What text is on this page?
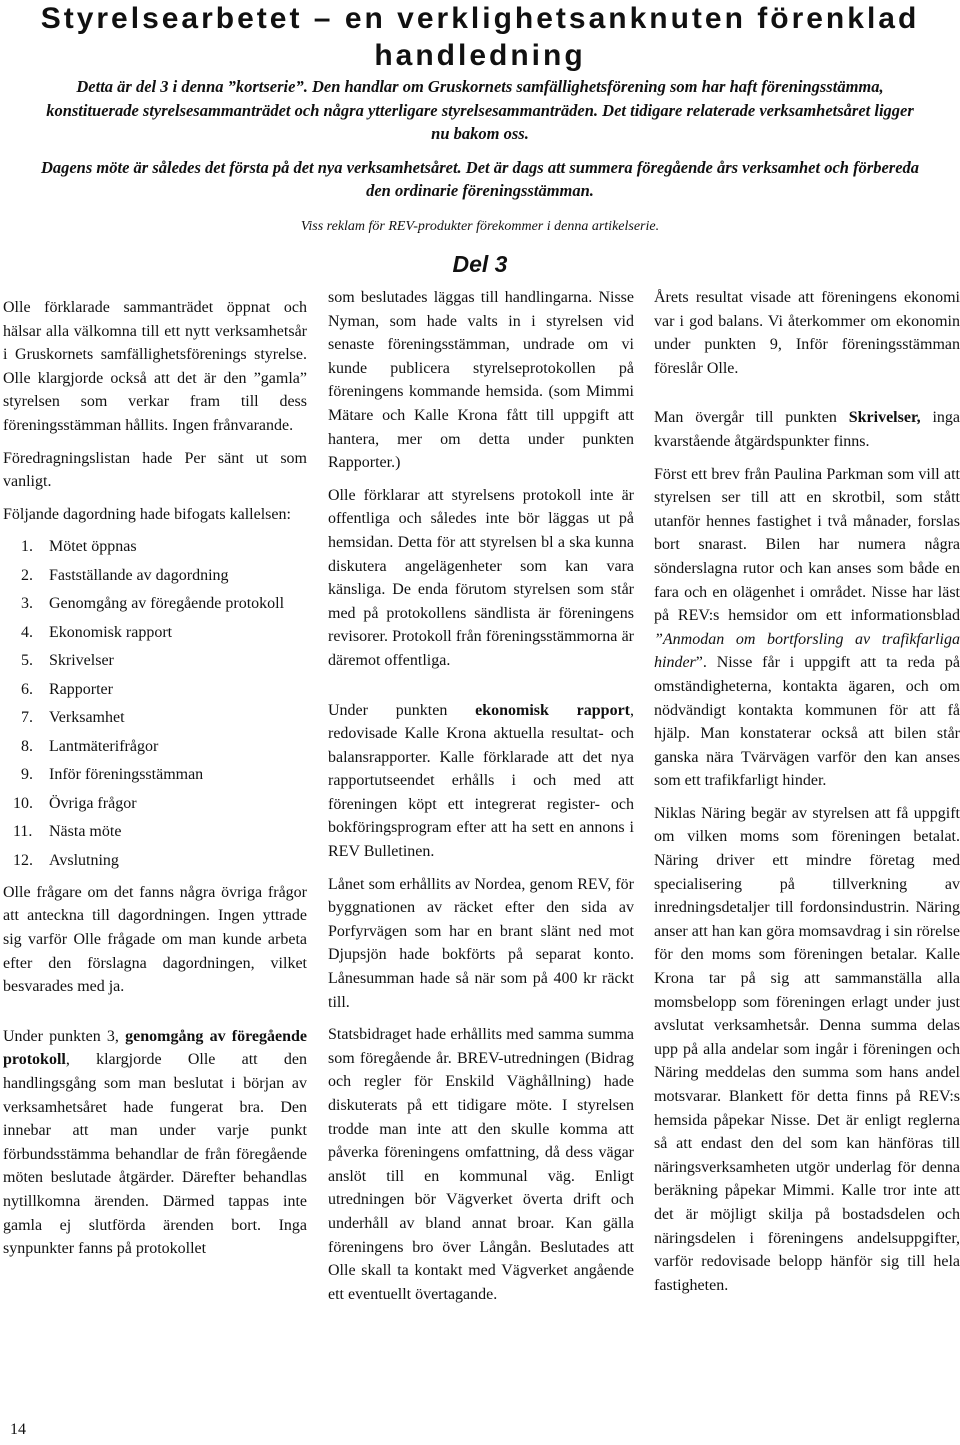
Styrelsearbetet – en verklighetsanknuten förenklad handledning

Detta är del 3 i denna ”kortserie”. Den handlar om Gruskornets samfällighetsförening som har haft föreningsstämma, konstituerade styrelsesammanträdet och några ytterligare styrelsesammanträden. Det tidigare relaterade verksamhetsåret ligger nu bakom oss.

Dagens möte är således det första på det nya verksamhetsåret. Det är dags att summera föregående års verksamhet och förbereda den ordinarie föreningsstämman.

Viss reklam för REV-produkter förekommer i denna artikelserie.
Del 3

Olle förklarade sammanträdet öppnat och hälsar alla välkomna till ett nytt verksamhetsår i Gruskornets samfällighetsförenings styrelse. Olle klargjorde också att det är den ”gamla” styrelsen som verkar fram till dess föreningsstämman hållits. Ingen frånvarande.

Föredragningslistan hade Per sänt ut som vanligt.

Följande dagordning hade bifogats kallelsen:

1. Mötet öppnas
2. Fastställande av dagordning
3. Genomgång av föregående protokoll
4. Ekonomisk rapport
5. Skrivelser
6. Rapporter
7. Verksamhet
8. Lantmäterifrågor
9. Inför föreningsstämman
10. Övriga frågor
11. Nästa möte
12. Avslutning

Olle frågare om det fanns några övriga frågor att anteckna till dagordningen. Ingen yttrade sig varför Olle frågade om man kunde arbeta efter den förslagna dagordningen, vilket besvarades med ja.

Under punkten 3, genomgång av föregående protokoll, klargjorde Olle att den handlingsgång som man beslutat i början av verksamhetsåret hade fungerat bra. Den innebar att man under varje punkt förbundsstämma behandlar de från föregående möten beslutade åtgärder. Därefter behandlas nytillkomna ärenden. Därmed tappas inte gamla ej slutförda ärenden bort. Inga synpunkter fanns på protokollet

som beslutades läggas till handlingarna. Nisse Nyman, som hade valts in i styrelsen vid senaste föreningsstämman, undrade om vi kunde publicera styrelseprotokollen på föreningens kommande hemsida. (som Mimmi Mätare och Kalle Krona fått till uppgift att hantera, mer om detta under punkten Rapporter.)

Olle förklarar att styrelsens protokoll inte är offentliga och således inte bör läggas ut på hemsidan. Detta för att styrelsen bl a ska kunna diskutera angelägenheter som kan vara känsliga. De enda förutom styrelsen som står med på protokollens sändlista är föreningens revisorer. Protokoll från föreningsstämmorna är däremot offentliga.

Under punkten ekonomisk rapport, redovisade Kalle Krona aktuella resultat- och balansrapporter. Kalle förklarade att det nya rapportutseendet erhålls i och med att föreningen köpt ett integrerat register- och bokföringsprogram efter att ha sett en annons i REV Bulletinen.

Lånet som erhållits av Nordea, genom REV, för byggnationen av räcket efter den sida av Porfyrvägen som har en brant slänt ned mot Djupsjön hade bokförts på separat konto. Lånesumman hade så när som på 400 kr räckt till.

Statsbidraget hade erhållits med samma summa som föregående år. BREV-utredningen (Bidrag och regler för Enskild Väghållning) hade diskuterats på ett tidigare möte. I styrelsen trodde man inte att den skulle komma att påverka föreningens omfattning, då dess vägar anslöt till en kommunal väg. Enligt utredningen bör Vägverket överta drift och underhåll av bland annat broar. Kan gälla föreningens bro över Långån. Beslutades att Olle skall ta kontakt med Vägverket angående ett eventuellt övertagande.

Årets resultat visade att föreningens ekonomi var i god balans. Vi återkommer om ekonomin under punkten 9, Inför föreningsstämman föreslår Olle.

Man övergår till punkten Skrivelser, inga kvarstående åtgärdspunkter finns.

Först ett brev från Paulina Parkman som vill att styrelsen ser till att en skrotbil, som stått utanför hennes fastighet i två månader, forslas bort snarast. Bilen har numera några sönderslagna rutor och kan anses som både en fara och en olägenhet i området. Nisse har läst på REV:s hemsidor om ett informationsblad ”Anmodan om bortforsling av trafikfarliga hinder”. Nisse får i uppgift att ta reda på omständigheterna, kontakta ägaren, och om nödvändigt kontakta kommunen för att få hjälp. Man konstaterar också att bilen står ganska nära Tvärvägen varför den kan anses som ett trafikfarligt hinder.

Niklas Näring begär av styrelsen att få uppgift om vilken moms som föreningen betalat. Näring driver ett mindre företag med specialisering på tillverkning av inredningsdetaljer till fordonsindustrin. Näring anser att han kan göra momsavdrag i sin rörelse för den moms som föreningen betalar. Kalle Krona tar på sig att sammanställa alla momsbelopp som föreningen erlagt under just avslutat verksamhetsår. Denna summa delas upp på alla andelar som ingår i föreningen och Näring meddelas den summa som hans andel motsvarar. Blankett för detta finns på REV:s hemsida påpekar Nisse. Det är enligt reglerna så att endast den del som kan hänföras till näringsverksamheten utgör underlag för denna beräkning påpekar Mimmi. Kalle tror inte att det är möjligt skilja på bostadsdelen och näringsdelen i föreningens andelsuppgifter, varför redovisade belopp hänför sig till hela fastigheten.

14
